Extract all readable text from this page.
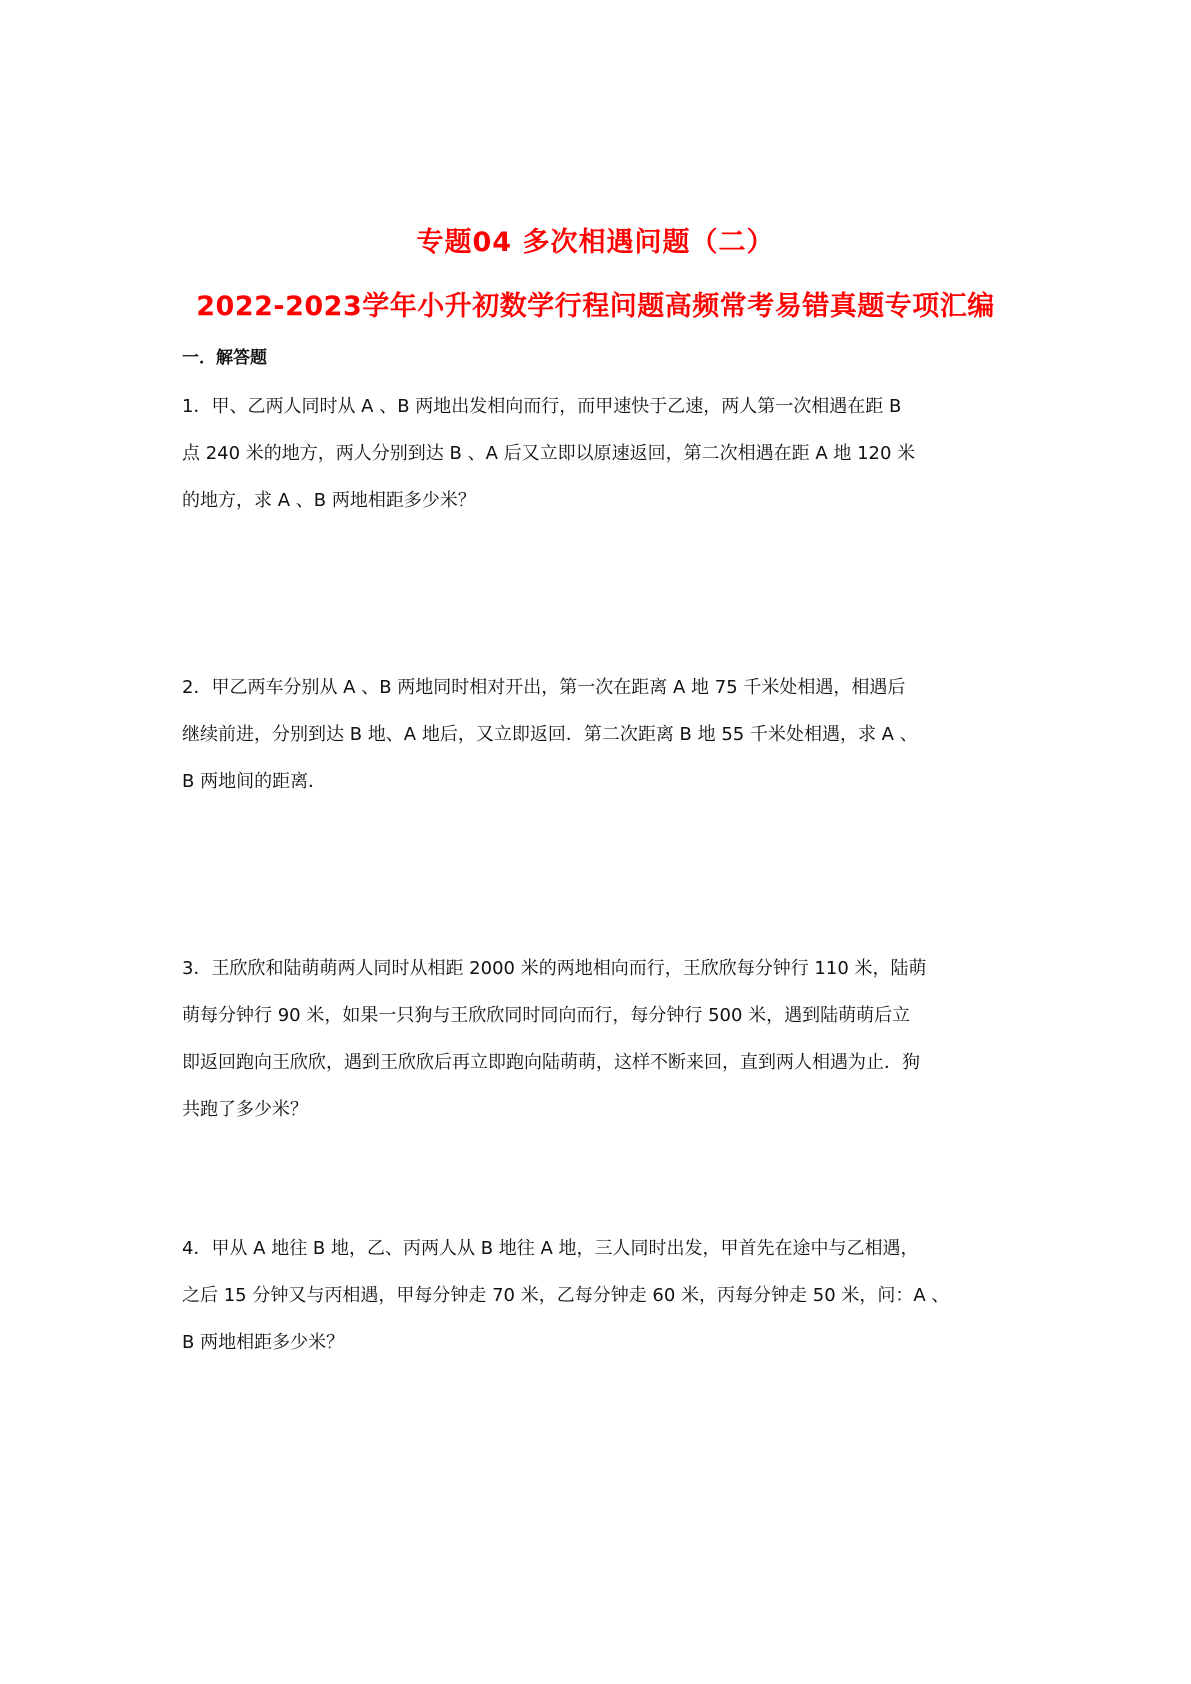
专题04 多次相遇问题（二）
2022-2023学年小升初数学行程问题高频常考易错真题专项汇编
一．解答题
1．甲、乙两人同时从 A 、B 两地出发相向而行，而甲速快于乙速，两人第一次相遇在距 B
点 240 米的地方，两人分别到达 B 、A 后又立即以原速返回，第二次相遇在距 A 地 120 米
的地方，求 A 、B 两地相距多少米？
2．甲乙两车分别从 A 、B 两地同时相对开出，第一次在距离 A 地 75 千米处相遇，相遇后
继续前进，分别到达 B 地、A 地后，又立即返回．第二次距离 B 地 55 千米处相遇，求 A 、
B 两地间的距离．
3．王欣欣和陆萌萌两人同时从相距 2000 米的两地相向而行，王欣欣每分钟行 110 米，陆萌
萌每分钟行 90 米，如果一只狗与王欣欣同时同向而行，每分钟行 500 米，遇到陆萌萌后立
即返回跑向王欣欣，遇到王欣欣后再立即跑向陆萌萌，这样不断来回，直到两人相遇为止．狗
共跑了多少米？
4．甲从 A 地往 B 地，乙、丙两人从 B 地往 A 地，三人同时出发，甲首先在途中与乙相遇，
之后 15 分钟又与丙相遇，甲每分钟走 70 米，乙每分钟走 60 米，丙每分钟走 50 米，问：A 、
B 两地相距多少米？
